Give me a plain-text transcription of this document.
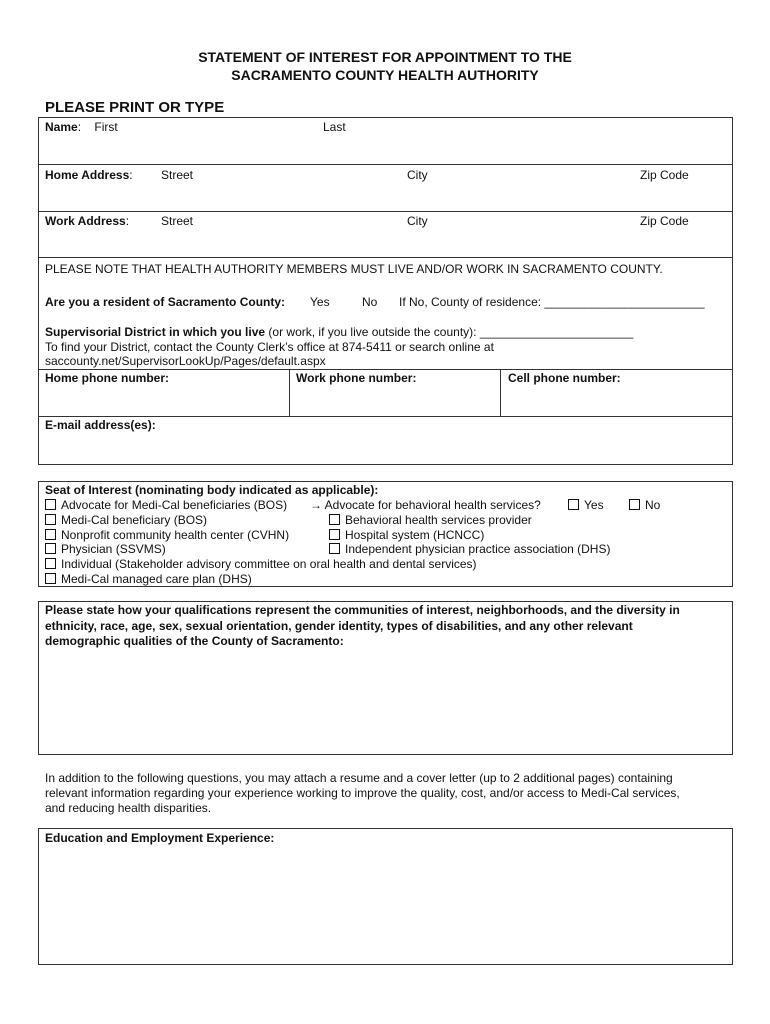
STATEMENT OF INTEREST FOR APPOINTMENT TO THE
SACRAMENTO COUNTY HEALTH AUTHORITY
PLEASE PRINT OR TYPE
Name: First	Last
Home Address: Street	City	Zip Code
Work Address:	Street	City	Zip Code
PLEASE NOTE THAT HEALTH AUTHORITY MEMBERS MUST LIVE AND/OR WORK IN SACRAMENTO COUNTY.
Are you a resident of Sacramento County: Yes	No If No, County of residence: ________________________
Supervisorial District in which you live (or work, if you live outside the county): _______________________
To find your District, contact the County Clerk’s office at 874-5411 or search online at
saccounty.net/SupervisorLookUp/Pages/default.aspx
Home phone number:	Work phone number:	Cell phone number:
E-mail address(es):
Seat of Interest (nominating body indicated as applicable):
Advocate for Medi-Cal beneficiaries (BOS)
Medi-Cal beneficiary (BOS)
Nonprofit community health center (CVHN)
Physician (SSVMS)
Individual (Stakeholder advisory committee on oral health and dental services)
Medi-Cal managed care plan (DHS)
→ Advocate for behavioral health services?	Yes	No
Behavioral health services provider
Hospital system (HCNCC)
Independent physician practice association (DHS)
Please state how your qualifications represent the communities of interest, neighborhoods, and the diversity in
ethnicity, race, age, sex, sexual orientation, gender identity, types of disabilities, and any other relevant
demographic qualities of the County of Sacramento:
In addition to the following questions, you may attach a resume and a cover letter (up to 2 additional pages) containing
relevant information regarding your experience working to improve the quality, cost, and/or access to Medi-Cal services,
and reducing health disparities.
Education and Employment Experience:
